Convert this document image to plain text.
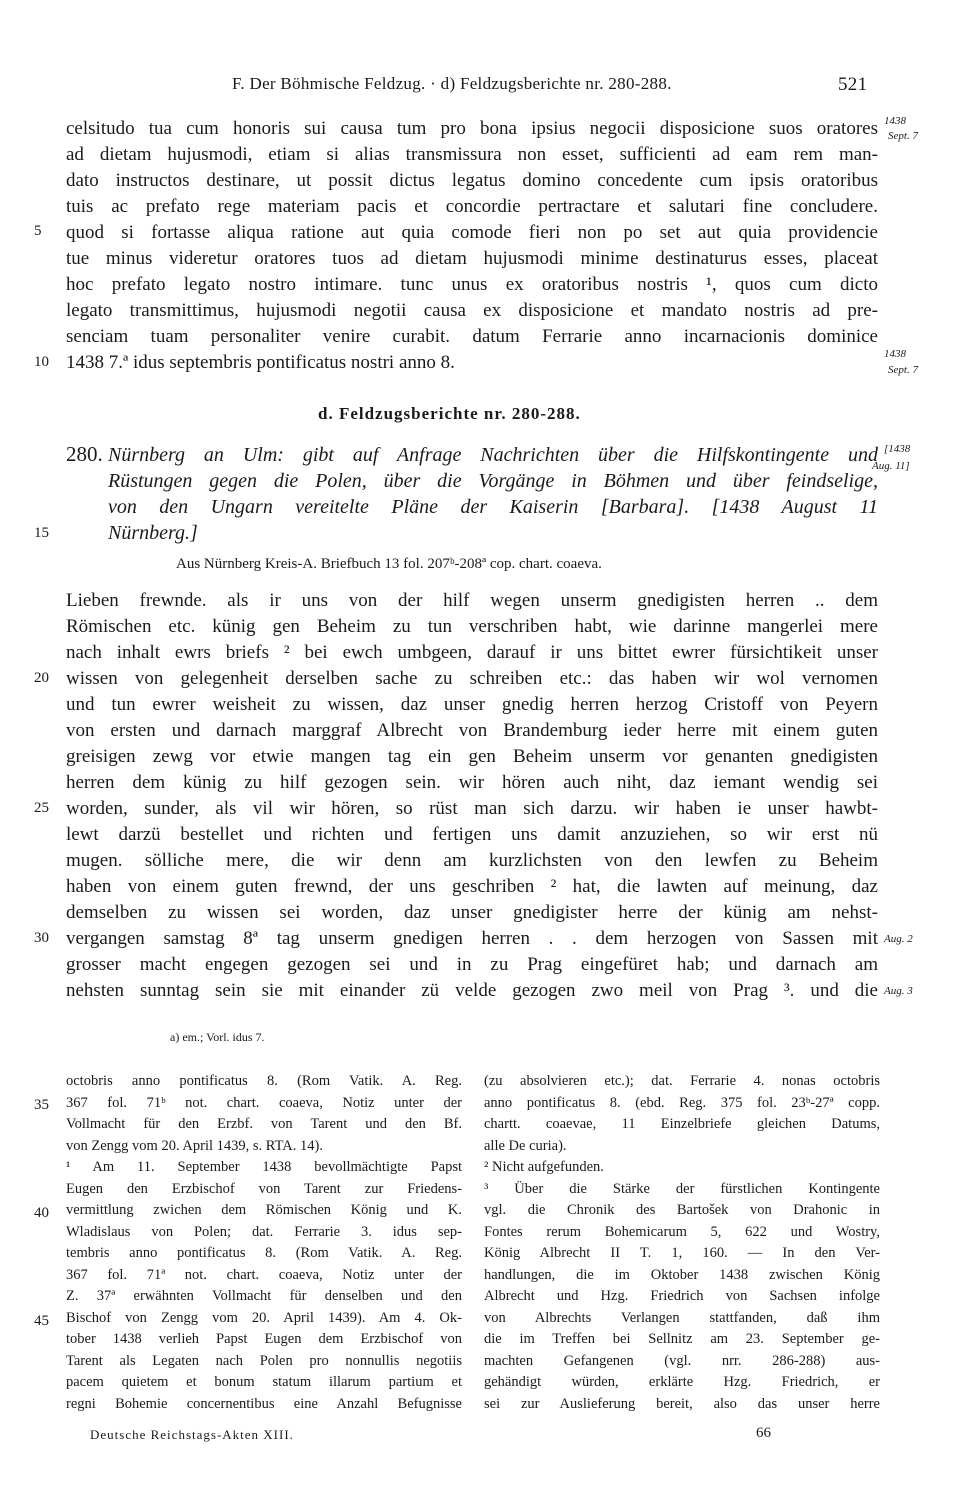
F. Der Böhmische Feldzug. · d) Feldzugsberichte nr. 280-288.	521
celsitudo tua cum honoris sui causa tum pro bona ipsius negocii disposicione suos oratores
ad dietam hujusmodi, etiam si alias transmissura non esset, sufficienti ad eam rem man-
dato instructos destinare, ut possit dictus legatus domino concedente cum ipsis oratoribus
tuis ac prefato rege materiam pacis et concordie pertractare et salutari fine concludere.
quod si fortasse aliqua ratione aut quia comode fieri non po set aut quia providencie
tue minus videretur oratores tuos ad dietam hujusmodi minime destinaturus esses, placeat
hoc prefato legato nostro intimare. tunc unus ex oratoribus nostris ¹, quos cum dicto
legato transmittimus, hujusmodi negotii causa ex disposicione et mandato nostris ad pre-
senciam tuam personaliter venire curabit. datum Ferrarie anno incarnacionis dominice
1438 7.ª idus septembris pontificatus nostri anno 8.
5
10
1438
Sept. 7
1438
Sept. 7
d. Feldzugsberichte nr. 280-288.
280. Nürnberg an Ulm: gibt auf Anfrage Nachrichten über die Hilfskontingente und
Rüstungen gegen die Polen, über die Vorgänge in Böhmen und über feindselige,
von den Ungarn vereitelte Pläne der Kaiserin [Barbara]. [1438 August 11
Nürnberg.]
15
[1438
Aug. 11]
Aus Nürnberg Kreis-A. Briefbuch 13 fol. 207ᵇ-208ª cop. chart. coaeva.
Lieben frewnde. als ir uns von der hilf wegen unserm gnedigisten herren .. dem
Römischen etc. künig gen Beheim zu tun verschriben habt, wie darinne mangerlei mere
nach inhalt ewrs briefs ² bei ewch umbgeen, darauf ir uns bittet ewrer fürsichtikeit unser
wissen von gelegenheit derselben sache zu schreiben etc.: das haben wir wol vernomen
und tun ewrer weisheit zu wissen, daz unser gnedig herren herzog Cristoff von Peyern
von ersten und darnach marggraf Albrecht von Brandemburg ieder herre mit einem guten
greisigen zewg vor etwie mangen tag ein gen Beheim unserm vor genanten gnedigisten
herren dem künig zu hilf gezogen sein. wir hören auch niht, daz iemant wendig sei
worden, sunder, als vil wir hören, so rüst man sich darzu. wir haben ie unser hawbt-
lewt darzü bestellet und richten und fertigen uns damit anzuziehen, so wir erst nü
mugen. sölliche mere, die wir denn am kurzlichsten von den lewfen zu Beheim
haben von einem guten frewnd, der uns geschriben ² hat, die lawten auf meinung, daz
demselben zu wissen sei worden, daz unser gnedigister herre der künig am nehst-
vergangen samstag 8ª tag unserm gnedigen herren . . dem herzogen von Sassen mit
grosser macht engegen gezogen sei und in zu Prag eingefüret hab; und darnach am
nehsten sunntag sein sie mit einander zü velde gezogen zwo meil von Prag ³. und die
20
25
30	Aug. 2
Aug. 3
a) em.; Vorl. idus 7.
octobris anno pontificatus 8. (Rom Vatik. A. Reg.
367 fol. 71ᵇ not. chart. coaeva, Notiz unter der
Vollmacht für den Erzbf. von Tarent und den Bf.
von Zengg vom 20. April 1439, s. RTA. 14).
¹ Am 11. September 1438 bevollmächtigte Papst
Eugen den Erzbischof von Tarent zur Friedens-
vermittlung zwichen dem Römischen König und K.
Wladislaus von Polen; dat. Ferrarie 3. idus sep-
tembris anno pontificatus 8. (Rom Vatik. A. Reg.
367 fol. 71ª not. chart. coaeva, Notiz unter der
Z. 37ª erwähnten Vollmacht für denselben und den
Bischof von Zengg vom 20. April 1439). Am 4. Ok-
tober 1438 verlieh Papst Eugen dem Erzbischof von
Tarent als Legaten nach Polen pro nonnullis negotiis
pacem quietem et bonum statum illarum partium et
regni Bohemie concernentibus eine Anzahl Befugnisse
35
40
45
(zu absolvieren etc.); dat. Ferrarie 4. nonas octobris
anno pontificatus 8. (ebd. Reg. 375 fol. 23ᵇ-27ª copp.
chartt. coaevae, 11 Einzelbriefe gleichen Datums,
alle De curia).
² Nicht aufgefunden.
³ Über die Stärke der fürstlichen Kontingente
vgl. die Chronik des Bartošek von Drahonic in
Fontes rerum Bohemicarum 5, 622 und Wostry,
König Albrecht II T. 1, 160. — In den Ver-
handlungen, die im Oktober 1438 zwischen König
Albrecht und Hzg. Friedrich von Sachsen infolge
von Albrechts Verlangen stattfanden, daß ihm
die im Treffen bei Sellnitz am 23. September ge-
machten Gefangenen (vgl. nrr. 286-288) aus-
gehändigt würden, erklärte Hzg. Friedrich, er
sei zur Auslieferung bereit, also das unser herre
Deutsche Reichstags-Akten XIII.	66
